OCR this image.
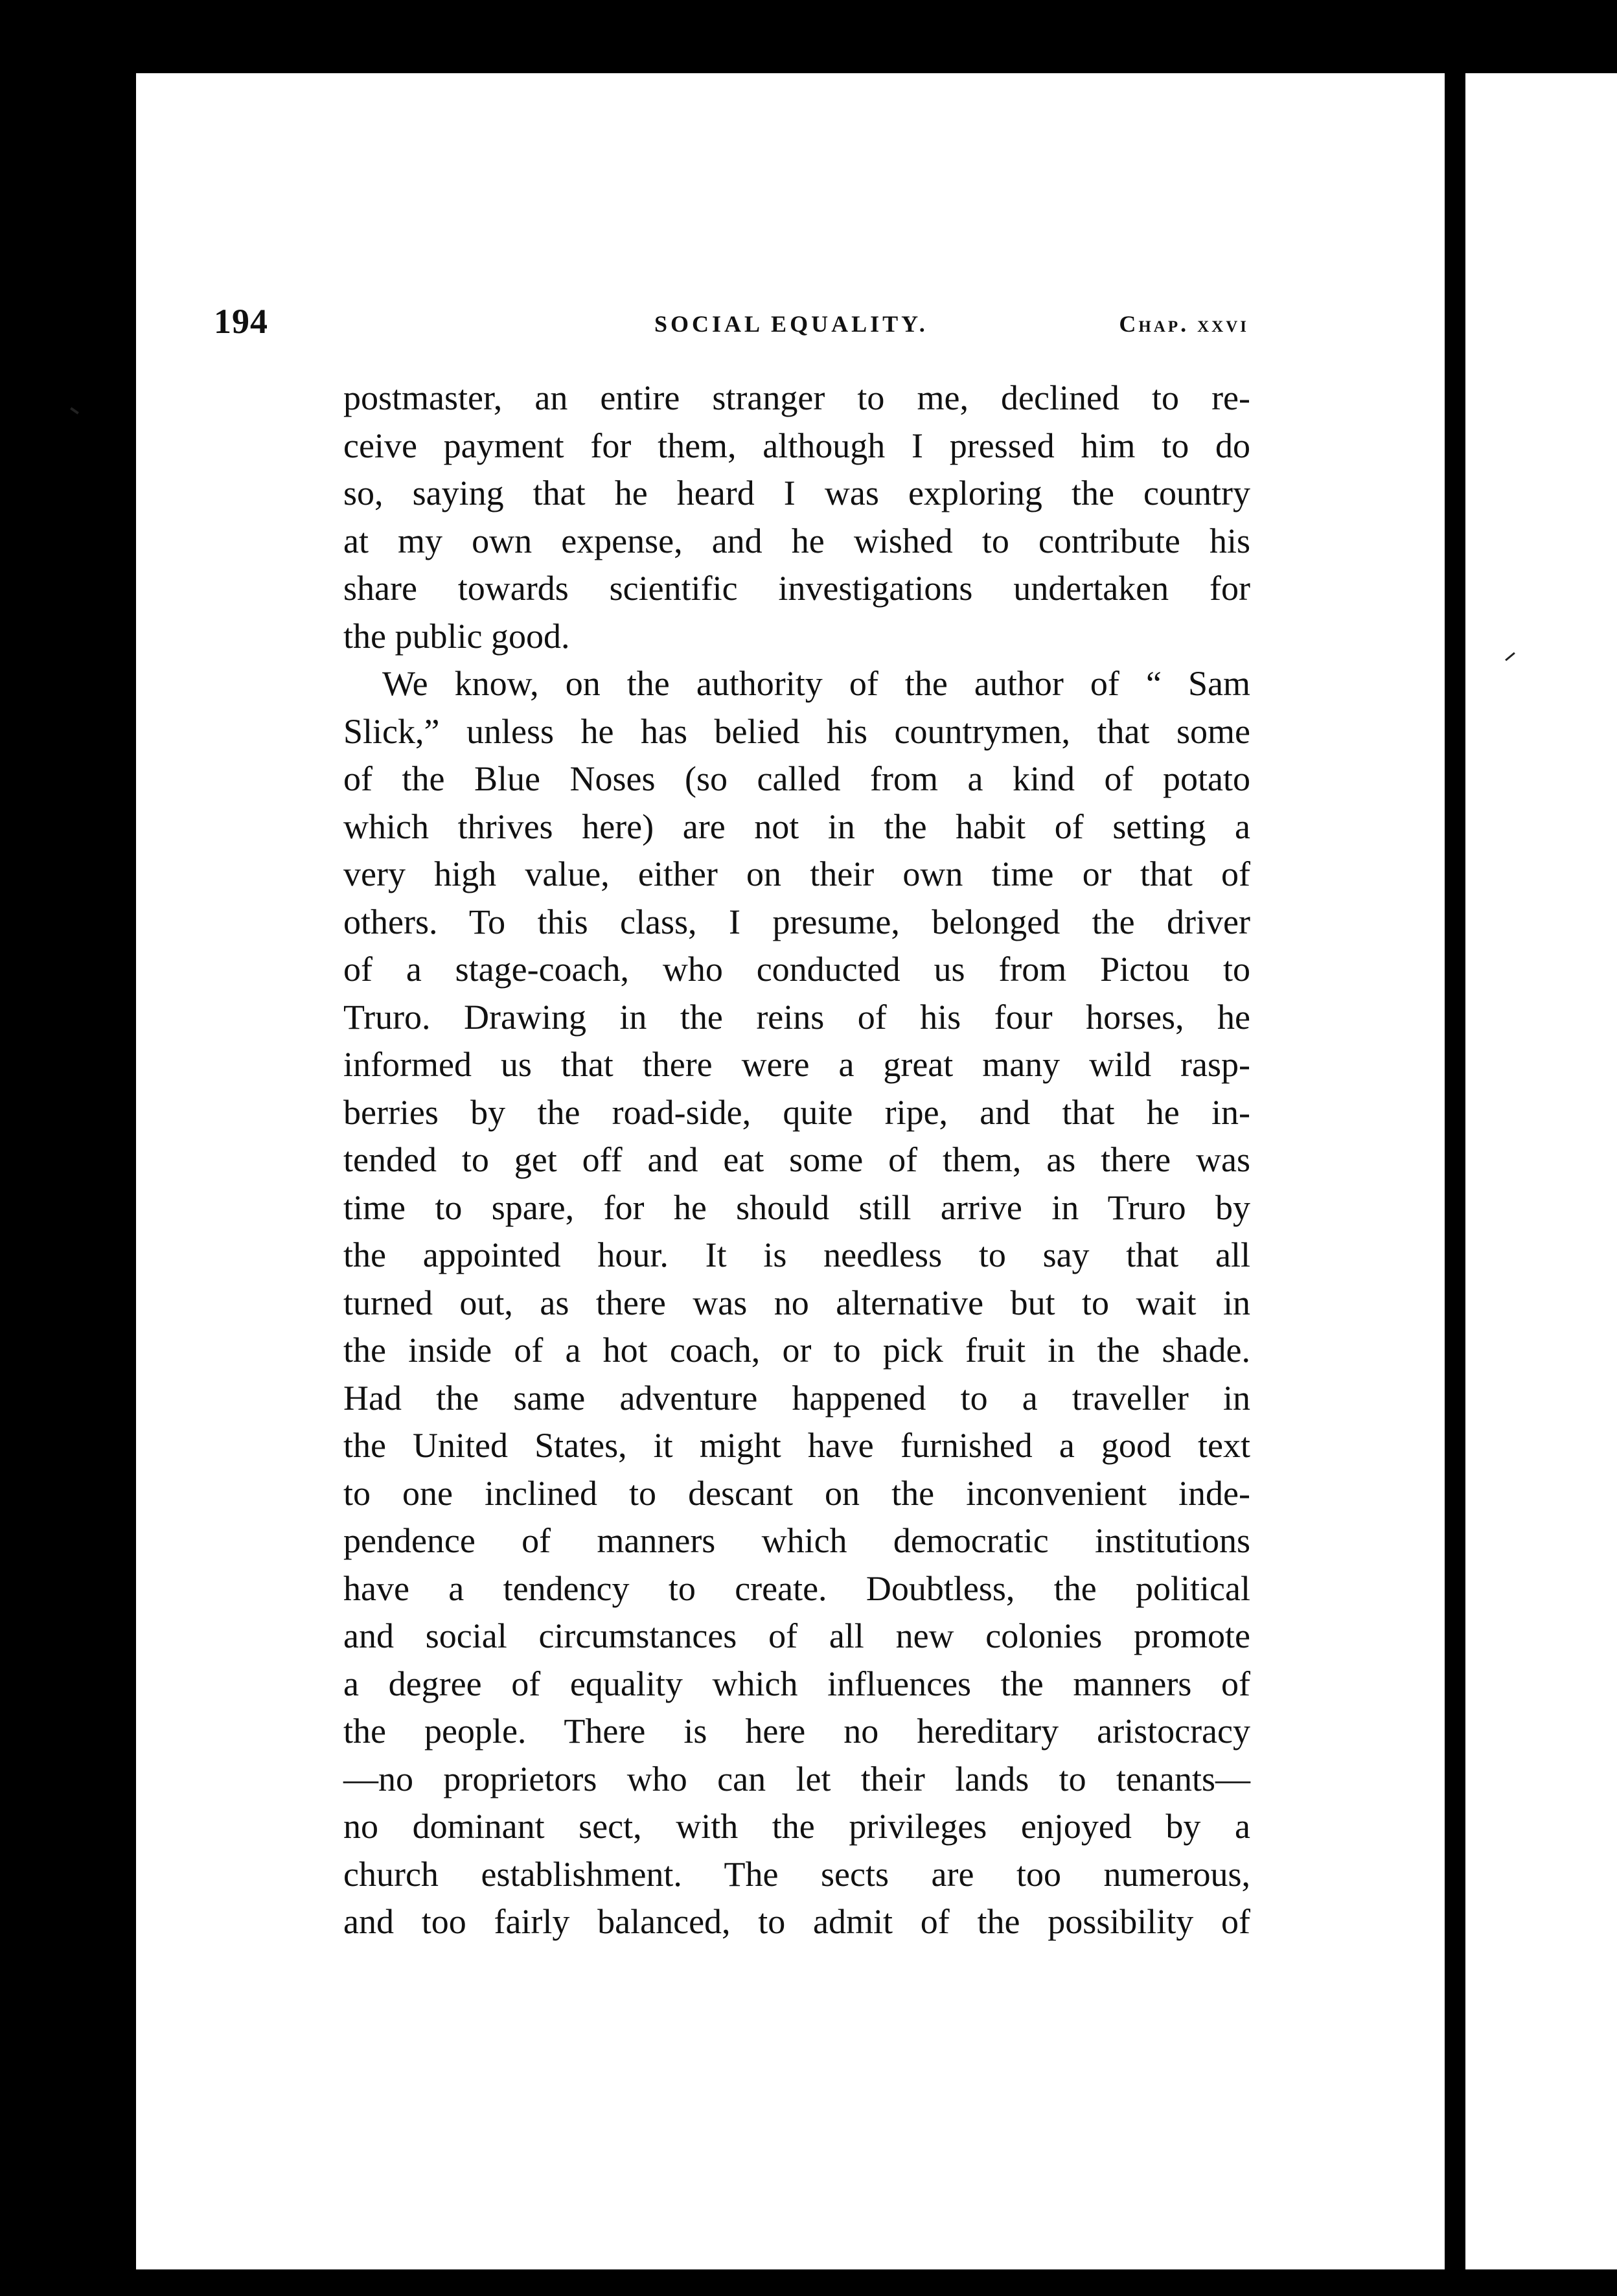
194	SOCIAL EQUALITY.	Chap. xxvi
postmaster, an entire stranger to me, declined to re-
ceive payment for them, although I pressed him to do
so, saying that he heard I was exploring the country
at my own expense, and he wished to contribute his
share towards scientific investigations undertaken for
the public good.
We know, on the authority of the author of “ Sam
Slick,” unless he has belied his countrymen, that some
of the Blue Noses (so called from a kind of potato
which thrives here) are not in the habit of setting a
very high value, either on their own time or that of
others. To this class, I presume, belonged the driver
of a stage-coach, who conducted us from Pictou to
Truro. Drawing in the reins of his four horses, he
informed us that there were a great many wild rasp-
berries by the road-side, quite ripe, and that he in-
tended to get off and eat some of them, as there was
time to spare, for he should still arrive in Truro by
the appointed hour. It is needless to say that all
turned out, as there was no alternative but to wait in
the inside of a hot coach, or to pick fruit in the shade.
Had the same adventure happened to a traveller in
the United States, it might have furnished a good text
to one inclined to descant on the inconvenient inde-
pendence of manners which democratic institutions
have a tendency to create. Doubtless, the political
and social circumstances of all new colonies promote
a degree of equality which influences the manners of
the people. There is here no hereditary aristocracy
—no proprietors who can let their lands to tenants—
no dominant sect, with the privileges enjoyed by a
church establishment. The sects are too numerous,
and too fairly balanced, to admit of the possibility of
